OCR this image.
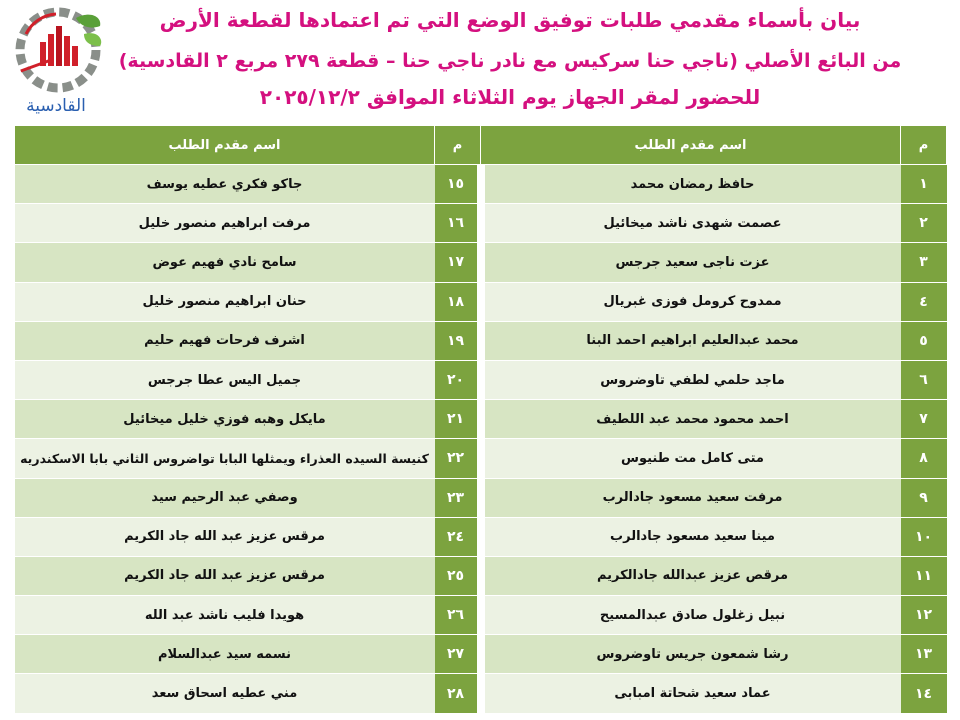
بيان بأسماء مقدمي طلبات توفيق الوضع التي تم اعتمادها لقطعة الأرض
من البائع الأصلي (ناجي حنا سركيس مع نادر ناجي حنا – قطعة ٢٧٩ مربع ٢ القادسية)
للحضور لمقر الجهاز يوم الثلاثاء الموافق ٢٠٢٥/١٢/٢
القادسية
م	اسم مقدم الطلب	م	اسم مقدم الطلب
١	حافظ رمضان محمد	١٥	جاكو فكري عطيه يوسف
٢	عصمت شهدى ناشد ميخائيل	١٦	مرفت ابراهيم منصور خليل
٣	عزت ناجى سعيد جرجس	١٧	سامح نادي فهيم عوض
٤	ممدوح كرومل فوزى غبريال	١٨	حنان ابراهيم منصور خليل
٥	محمد عبدالعليم ابراهيم احمد البنا	١٩	اشرف فرحات فهيم حليم
٦	ماجد حلمي لطفي تاوضروس	٢٠	جميل اليس عطا جرجس
٧	احمد محمود محمد عبد اللطيف	٢١	مايكل وهبه فوزي خليل ميخائيل
٨	متى كامل مت طنيوس	٢٢	كنيسة السيده العذراء ويمثلها البابا تواضروس الثاني بابا الاسكندريه
٩	مرفت سعيد مسعود جادالرب	٢٣	وصفي عبد الرحيم سيد
١٠	مينا سعيد مسعود جادالرب	٢٤	مرقس عزيز عبد الله جاد الكريم
١١	مرقص عزيز عبدالله جادالكريم	٢٥	مرقس عزيز عبد الله جاد الكريم
١٢	نبيل زغلول صادق عبدالمسيح	٢٦	هويدا فليب ناشد عبد الله
١٣	رشا شمعون جريس تاوضروس	٢٧	نسمه سيد عبدالسلام
١٤	عماد سعيد شحاتة امبابى	٢٨	مني عطيه اسحاق سعد
